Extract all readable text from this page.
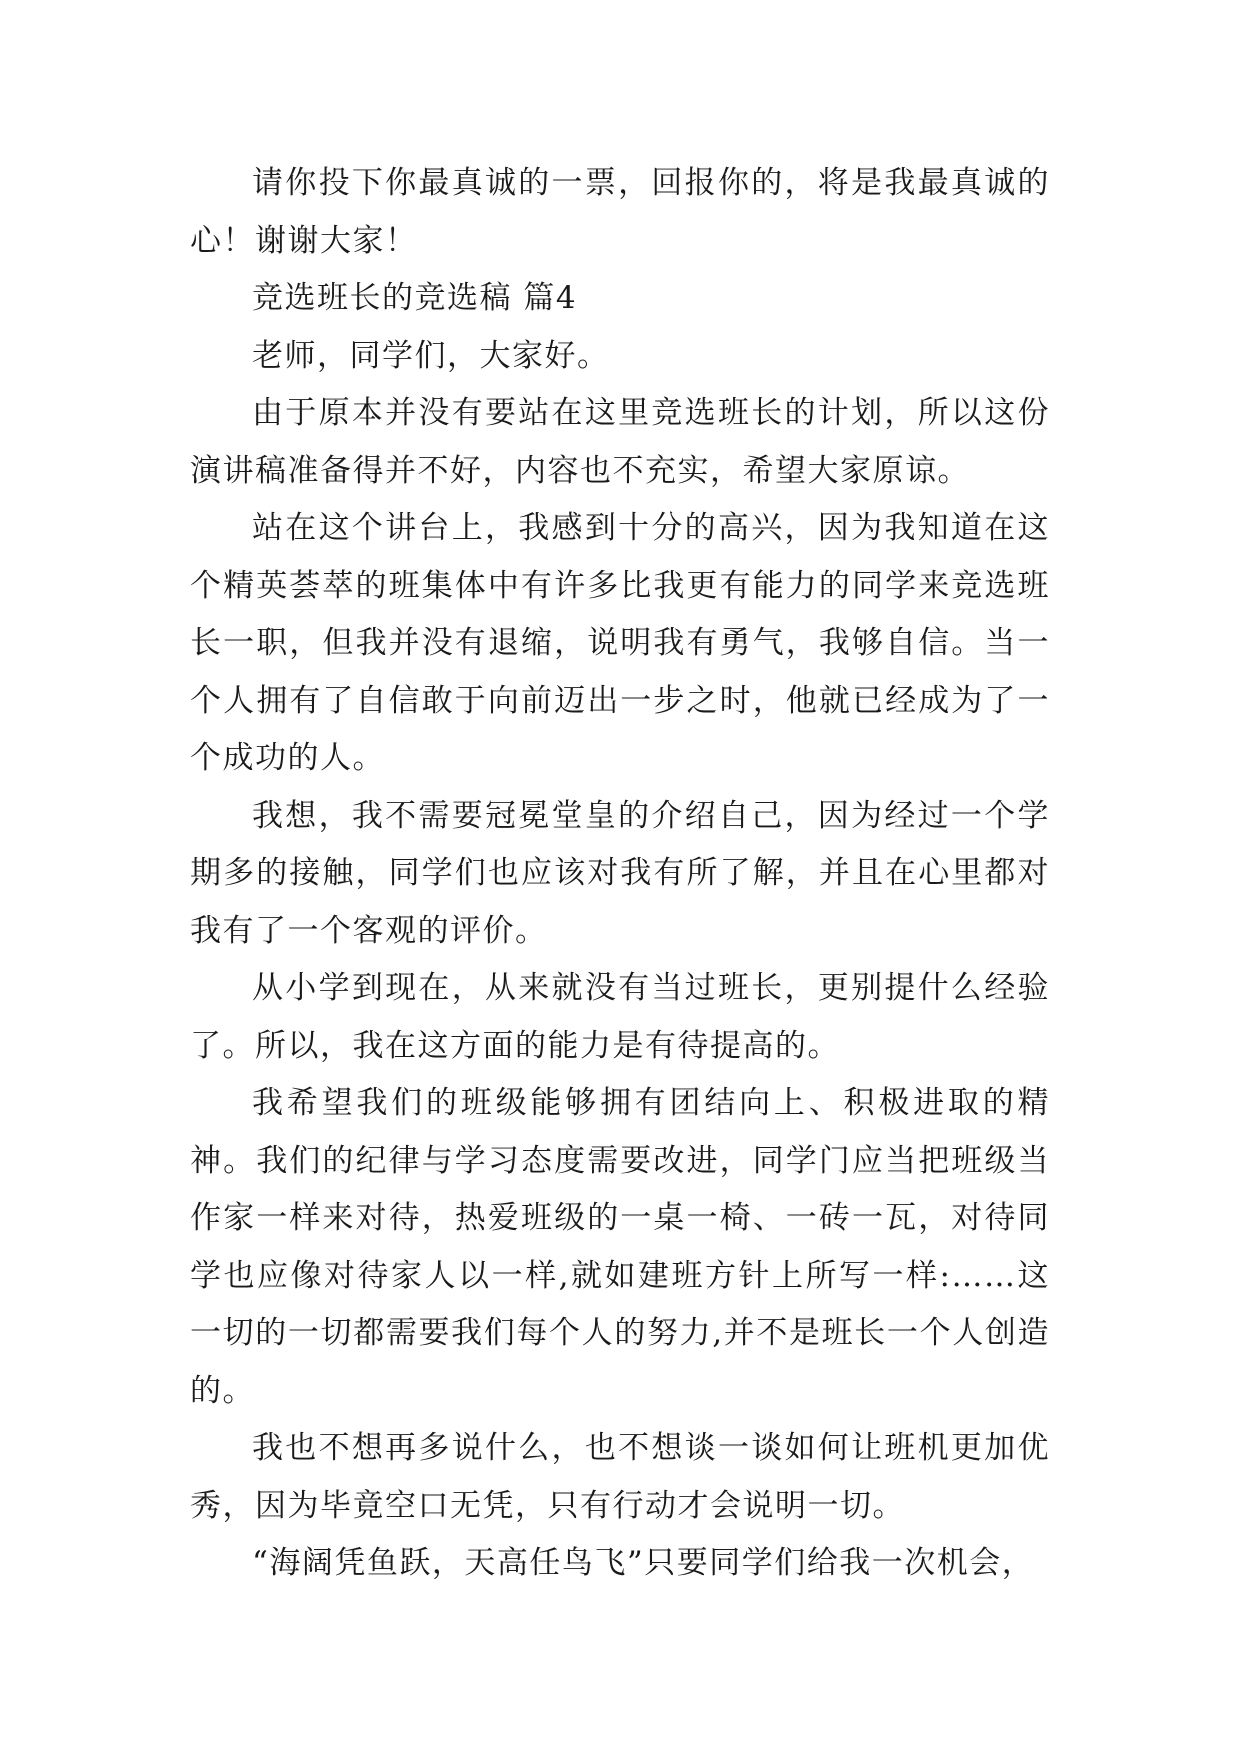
请你投下你最真诚的一票，回报你的，将是我最真诚的心！谢谢大家！

竞选班长的竞选稿 篇4

老师，同学们，大家好。

由于原本并没有要站在这里竞选班长的计划，所以这份演讲稿准备得并不好，内容也不充实，希望大家原谅。

站在这个讲台上，我感到十分的高兴，因为我知道在这个精英荟萃的班集体中有许多比我更有能力的同学来竞选班长一职，但我并没有退缩，说明我有勇气，我够自信。当一个人拥有了自信敢于向前迈出一步之时，他就已经成为了一个成功的人。

我想，我不需要冠冕堂皇的介绍自己，因为经过一个学期多的接触，同学们也应该对我有所了解，并且在心里都对我有了一个客观的评价。

从小学到现在，从来就没有当过班长，更别提什么经验了。所以，我在这方面的能力是有待提高的。

我希望我们的班级能够拥有团结向上、积极进取的精神。我们的纪律与学习态度需要改进，同学门应当把班级当作家一样来对待，热爱班级的一桌一椅、一砖一瓦，对待同学也应像对待家人以一样,就如建班方针上所写一样:……这一切的一切都需要我们每个人的努力,并不是班长一个人创造的。

我也不想再多说什么，也不想谈一谈如何让班机更加优秀，因为毕竟空口无凭，只有行动才会说明一切。

“海阔凭鱼跃，天高任鸟飞”只要同学们给我一次机会，
